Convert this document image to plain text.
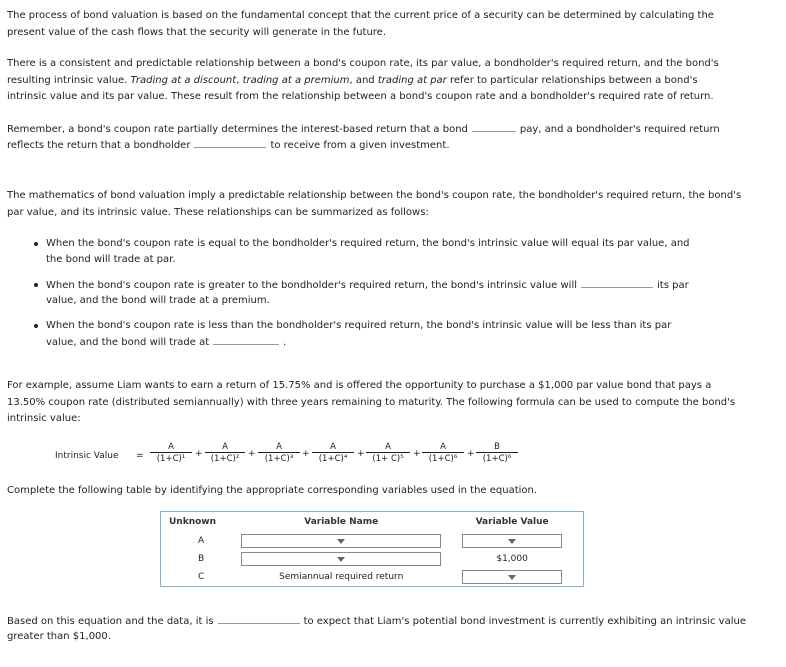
The process of bond valuation is based on the fundamental concept that the current price of a security can be determined by calculating the present value of the cash flows that the security will generate in the future.

There is a consistent and predictable relationship between a bond's coupon rate, its par value, a bondholder's required return, and the bond's resulting intrinsic value. Trading at a discount, trading at a premium, and trading at par refer to particular relationships between a bond's intrinsic value and its par value. These result from the relationship between a bond's coupon rate and a bondholder's required rate of return.

Remember, a bond's coupon rate partially determines the interest-based return that a bond	pay, and a bondholder's required return

reflects the return that a bondholder	to receive from a given investment.

The mathematics of bond valuation imply a predictable relationship between the bond's coupon rate, the bondholder's required return, the bond's par value, and its intrinsic value. These relationships can be summarized as follows:

When the bond's coupon rate is equal to the bondholder's required return, the bond's intrinsic value will equal its par value, and

the bond will trade at par.

When the bond's coupon rate is greater to the bondholder's required return, the bond's intrinsic value will	its par

value, and the bond will trade at a premium.

When the bond's coupon rate is less than the bondholder's required return, the bond's intrinsic value will be less than its par

value, and the bond will trade at	.

For example, assume Liam wants to earn a return of 15.75% and is offered the opportunity to purchase a $1,000 par value bond that pays a 13.50% coupon rate (distributed semiannually) with three years remaining to maturity. The following formula can be used to compute the bond's intrinsic value:

Intrinsic Value = $\frac{A}{\text{(1+C)¹}} + \frac{A}{\text{(1+C)²}} + \frac{A}{\text{(1+C)³}} + \frac{A}{\text{(1+C)⁴}} + \frac{A}{\text{(1+ C)⁵}} + \frac{A}{\text{(1+C)⁶}} + \frac{B}{\text{(1+C)⁶}}$

Complete the following table by identifying the appropriate corresponding variables used in the equation.

Unknown	Variable Name	Variable Value
A	

B		$1,000
C	Semiannual required return	

Based on this equation and the data, it is	to expect that Liam's potential bond investment is currently exhibiting an intrinsic value

greater than $1,000.
